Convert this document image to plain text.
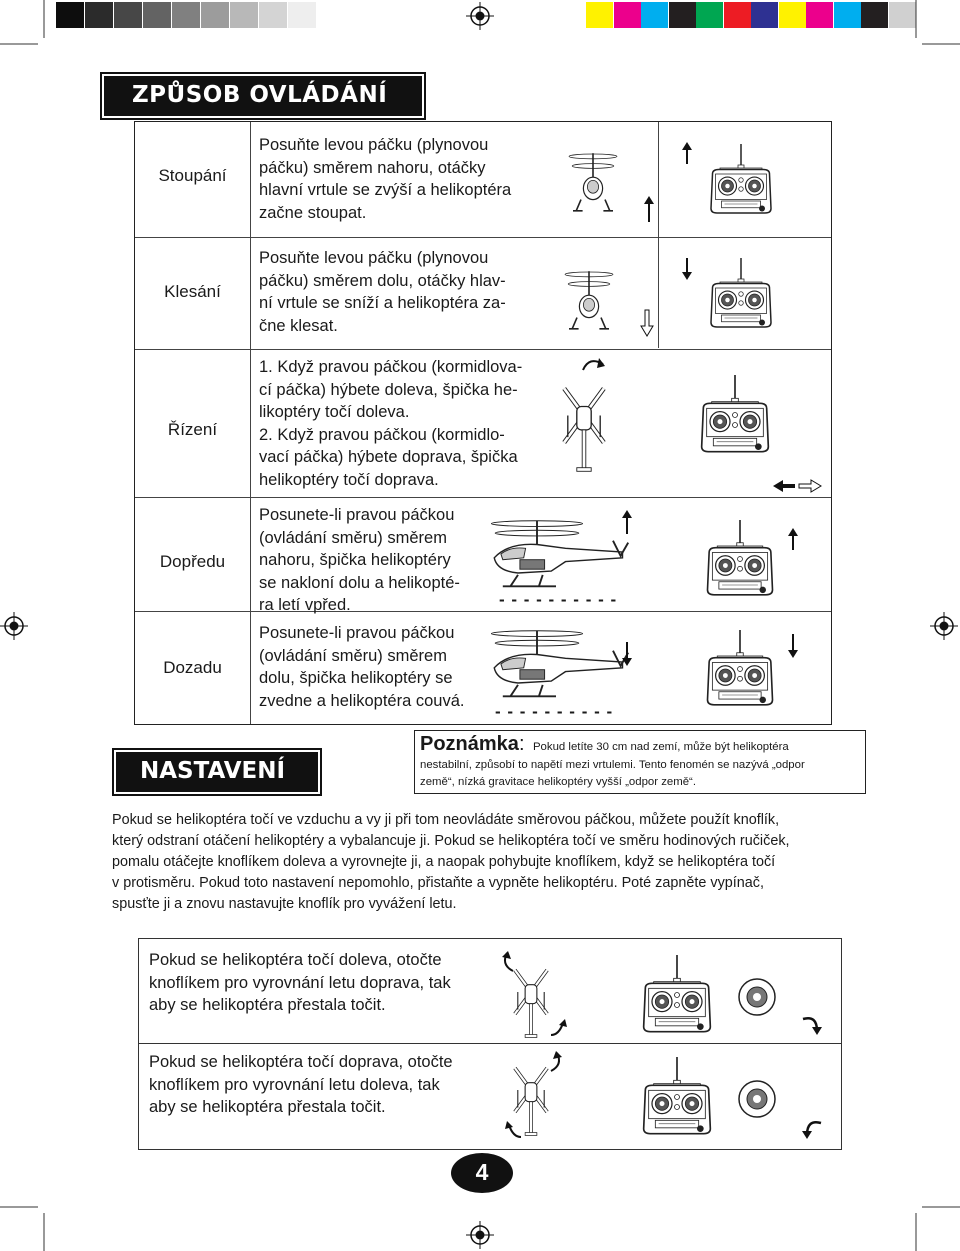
ZPŮSOB OVLÁDÁNÍ
Stoupání
Posuňte levou páčku (plynovou
páčku) směrem nahoru, otáčky
hlavní vrtule se zvýší a helikoptéra
začne stoupat.
Klesání
Posuňte levou páčku (plynovou
páčku) směrem dolu, otáčky hlav-
ní vrtule se sníží a helikoptéra za-
čne klesat.
Řízení
1. Když pravou páčkou (kormidlova-
cí páčka) hýbete doleva, špička he-
likoptéry točí doleva.
2. Když pravou páčkou (kormidlo-
vací páčka) hýbete doprava, špička
helikoptéry točí doprava.
Dopředu
Posunete-li pravou páčkou
(ovládání směru) směrem
nahoru, špička helikoptéry
se nakloní dolu a helikopté-
ra letí vpřed.	- - - - - - - - - -
Dozadu
Posunete-li pravou páčkou
(ovládání směru) směrem
dolu, špička helikoptéry se
zvedne a helikoptéra couvá.
- - - - - - - - - -
NASTAVENÍ
Poznámka: Pokud letíte 30 cm nad zemí, může být helikoptéra
nestabilní, způsobí to napětí mezi vrtulemi. Tento fenomén se nazývá „odpor
země“, nízká gravitace helikoptéry vyšší „odpor země“.
Pokud se helikoptéra točí ve vzduchu a vy ji při tom neovládáte směrovou páčkou, můžete použít knoflík,
který odstraní otáčení helikoptéry a vybalancuje ji. Pokud se helikoptéra točí ve směru hodinových ručiček,
pomalu otáčejte knoflíkem doleva a vyrovnejte ji, a naopak pohybujte knoflíkem, když se helikoptéra točí
v protisměru. Pokud toto nastavení nepomohlo, přistaňte a vypněte helikoptéru. Poté zapněte vypínač,
spusťte ji a znovu nastavujte knoflík pro vyvážení letu.
Pokud se helikoptéra točí doleva, otočte
knoflíkem pro vyrovnání letu doprava, tak
aby se helikoptéra přestala točit.
Pokud se helikoptéra točí doprava, otočte
knoflíkem pro vyrovnání letu doleva, tak
aby se helikoptéra přestala točit.
4
